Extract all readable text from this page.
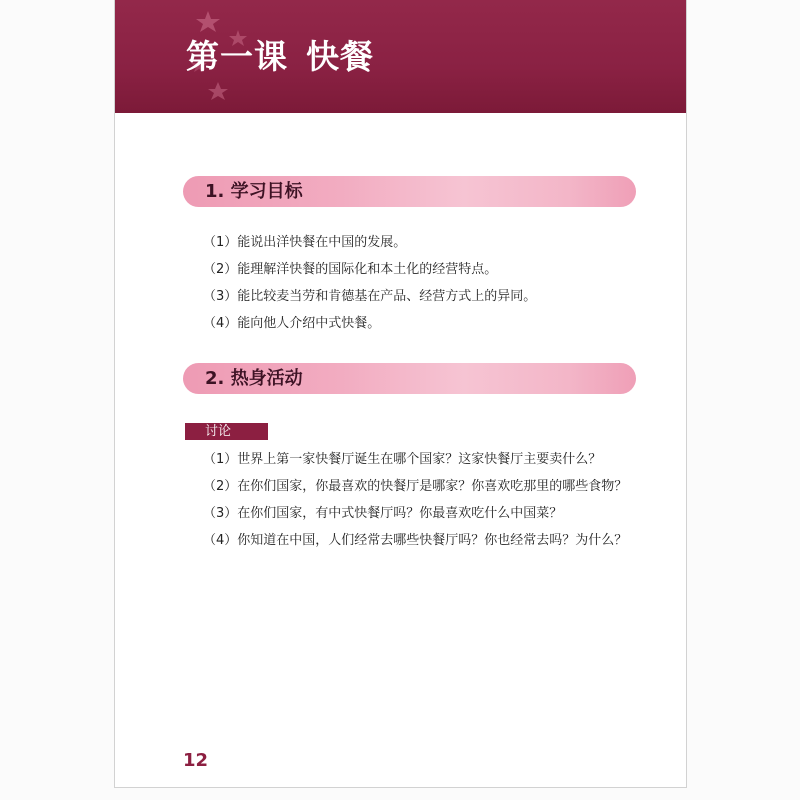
第一课 快餐
1. 学习目标
（1）能说出洋快餐在中国的发展。
（2）能理解洋快餐的国际化和本土化的经营特点。
（3）能比较麦当劳和肯德基在产品、经营方式上的异同。
（4）能向他人介绍中式快餐。
2. 热身活动
讨论
（1）世界上第一家快餐厅诞生在哪个国家？这家快餐厅主要卖什么？
（2）在你们国家，你最喜欢的快餐厅是哪家？你喜欢吃那里的哪些食物？
（3）在你们国家，有中式快餐厅吗？你最喜欢吃什么中国菜？
（4）你知道在中国，人们经常去哪些快餐厅吗？你也经常去吗？为什么？
12
